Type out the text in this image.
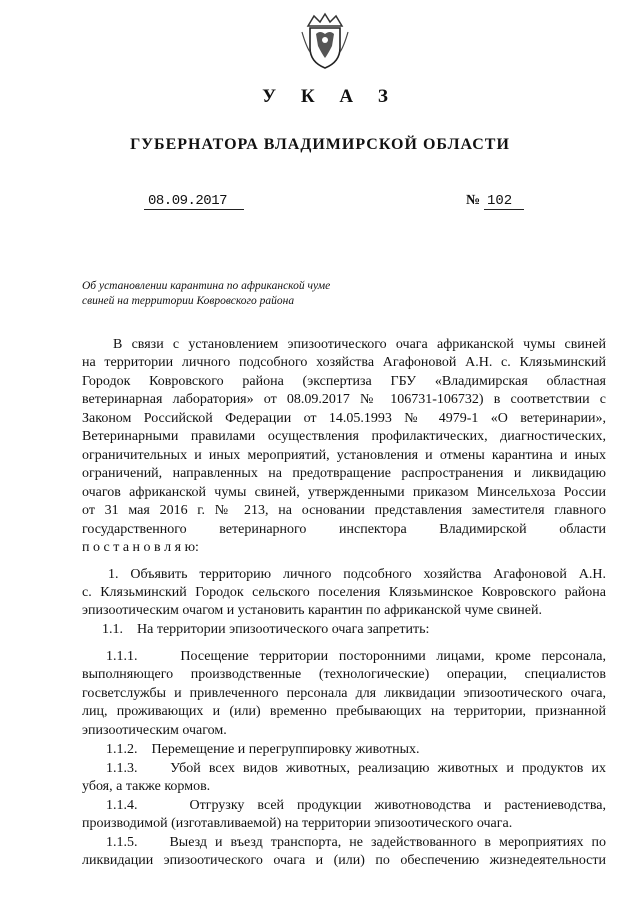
У К А З
ГУБЕРНАТОРА ВЛАДИМИРСКОЙ ОБЛАСТИ
08.09.2017	№ 102
Об установлении карантина по африканской чуме
свиней на территории Ковровского района
В связи с установлением эпизоотического очага африканской чумы свиней
на территории личного подсобного хозяйства Агафоновой А.Н. с. Клязьминский
Городок Ковровского района (экспертиза ГБУ «Владимирская областная
ветеринарная лаборатория» от 08.09.2017 № 106731-106732) в соответствии с
Законом Российской Федерации от 14.05.1993 № 4979-1 «О ветеринарии»,
Ветеринарными правилами осуществления профилактических, диагностических,
ограничительных и иных мероприятий, установления и отмены карантина и иных
ограничений, направленных на предотвращение распространения и ликвидацию
очагов африканской чумы свиней, утвержденными приказом Минсельхоза России
от 31 мая 2016 г. № 213, на основании представления заместителя главного
государственного ветеринарного инспектора Владимирской области
п о с т а н о в л я ю:
1. Объявить территорию личного подсобного хозяйства Агафоновой А.Н.
с. Клязьминский Городок сельского поселения Клязьминское Ковровского района
эпизоотическим очагом и установить карантин по африканской чуме свиней.
1.1.    На территории эпизоотического очага запретить:
1.1.1.    Посещение территории посторонними лицами, кроме персонала,
выполняющего производственные (технологические) операции, специалистов
госветслужбы и привлеченного персонала для ликвидации эпизоотического очага,
лиц, проживающих и (или) временно пребывающих на территории, признанной
эпизоотическим очагом.
1.1.2.    Перемещение и перегруппировку животных.
1.1.3.    Убой всех видов животных, реализацию животных и продуктов их
убоя, а также кормов.
1.1.4.    Отгрузку всей продукции животноводства и растениеводства,
производимой (изготавливаемой) на территории эпизоотического очага.
1.1.5.    Выезд и въезд транспорта, не задействованного в мероприятиях по
ликвидации эпизоотического очага и (или) по обеспечению жизнедеятельности
